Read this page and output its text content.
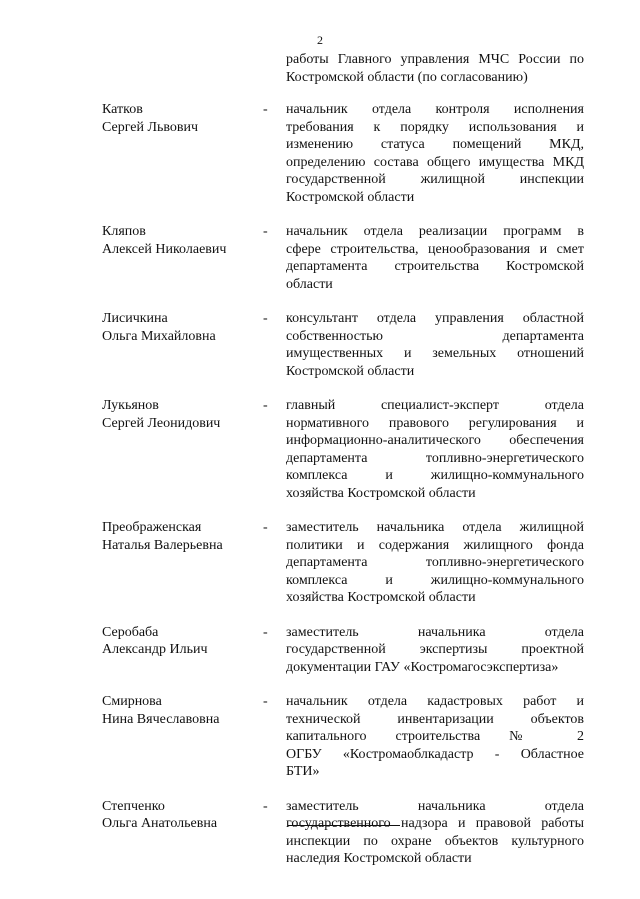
2
работы Главного управления МЧС России по
Костромской области (по согласованию)
Катков
Сергей Львович
-	начальник отдела контроля исполнения
требования к порядку использования и
изменению статуса помещений МКД,
определению состава общего имущества МКД
государственной жилищной инспекции
Костромской области
Кляпов
Алексей Николаевич
-	начальник отдела реализации программ в
сфере строительства, ценообразования и смет
департамента строительства Костромской
области
Лисичкина
Ольга Михайловна
-	консультант отдела управления областной
собственностью департамента
имущественных и земельных отношений
Костромской области
Лукьянов
Сергей Леонидович
-	главный специалист-эксперт отдела
нормативного правового регулирования и
информационно-аналитического обеспечения
департамента топливно-энергетического
комплекса и жилищно-коммунального
хозяйства Костромской области
Преображенская
Наталья Валерьевна
-	заместитель начальника отдела жилищной
политики и содержания жилищного фонда
департамента топливно-энергетического
комплекса и жилищно-коммунального
хозяйства Костромской области
Серобаба
Александр Ильич
-	заместитель начальника отдела
государственной экспертизы проектной
документации ГАУ «Костромагосэкспертиза»
Смирнова
Нина Вячеславовна
-	начальник отдела кадастровых работ и
технической инвентаризации объектов
капитального строительства № 2
ОГБУ «Костромаоблкадастр - Областное
БТИ»
Степченко
Ольга Анатольевна
-	заместитель начальника отдела
государственного надзора и правовой работы
инспекции по охране объектов культурного
наследия Костромской области
